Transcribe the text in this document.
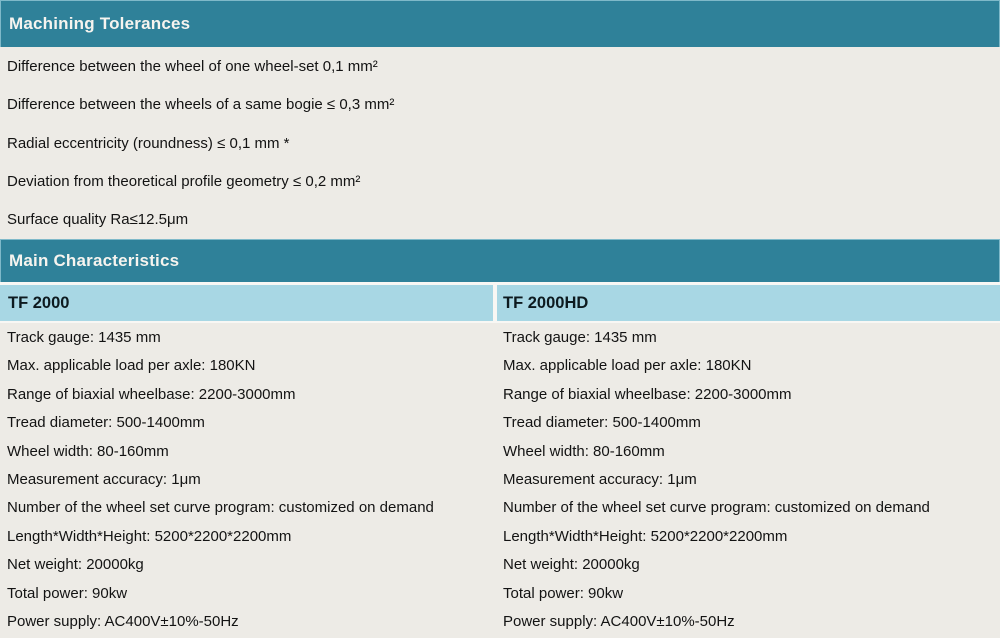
Machining Tolerances
Difference between the wheel of one wheel-set 0,1 mm²
Difference between the wheels of a same bogie ≤ 0,3 mm²
Radial eccentricity (roundness) ≤ 0,1 mm *
Deviation from theoretical profile geometry ≤ 0,2 mm²
Surface quality Ra≤12.5μm
Main Characteristics
TF 2000	TF 2000HD
Track gauge: 1435 mm
Max. applicable load per axle: 180KN
Range of biaxial wheelbase: 2200-3000mm
Tread diameter: 500-1400mm
Wheel width: 80-160mm
Measurement accuracy: 1μm
Number of the wheel set curve program: customized on demand
Length*Width*Height: 5200*2200*2200mm
Net weight: 20000kg
Total power: 90kw
Power supply: AC400V±10%-50Hz
Track gauge: 1435 mm
Max. applicable load per axle: 180KN
Range of biaxial wheelbase: 2200-3000mm
Tread diameter: 500-1400mm
Wheel width: 80-160mm
Measurement accuracy: 1μm
Number of the wheel set curve program: customized on demand
Length*Width*Height: 5200*2200*2200mm
Net weight: 20000kg
Total power: 90kw
Power supply: AC400V±10%-50Hz
